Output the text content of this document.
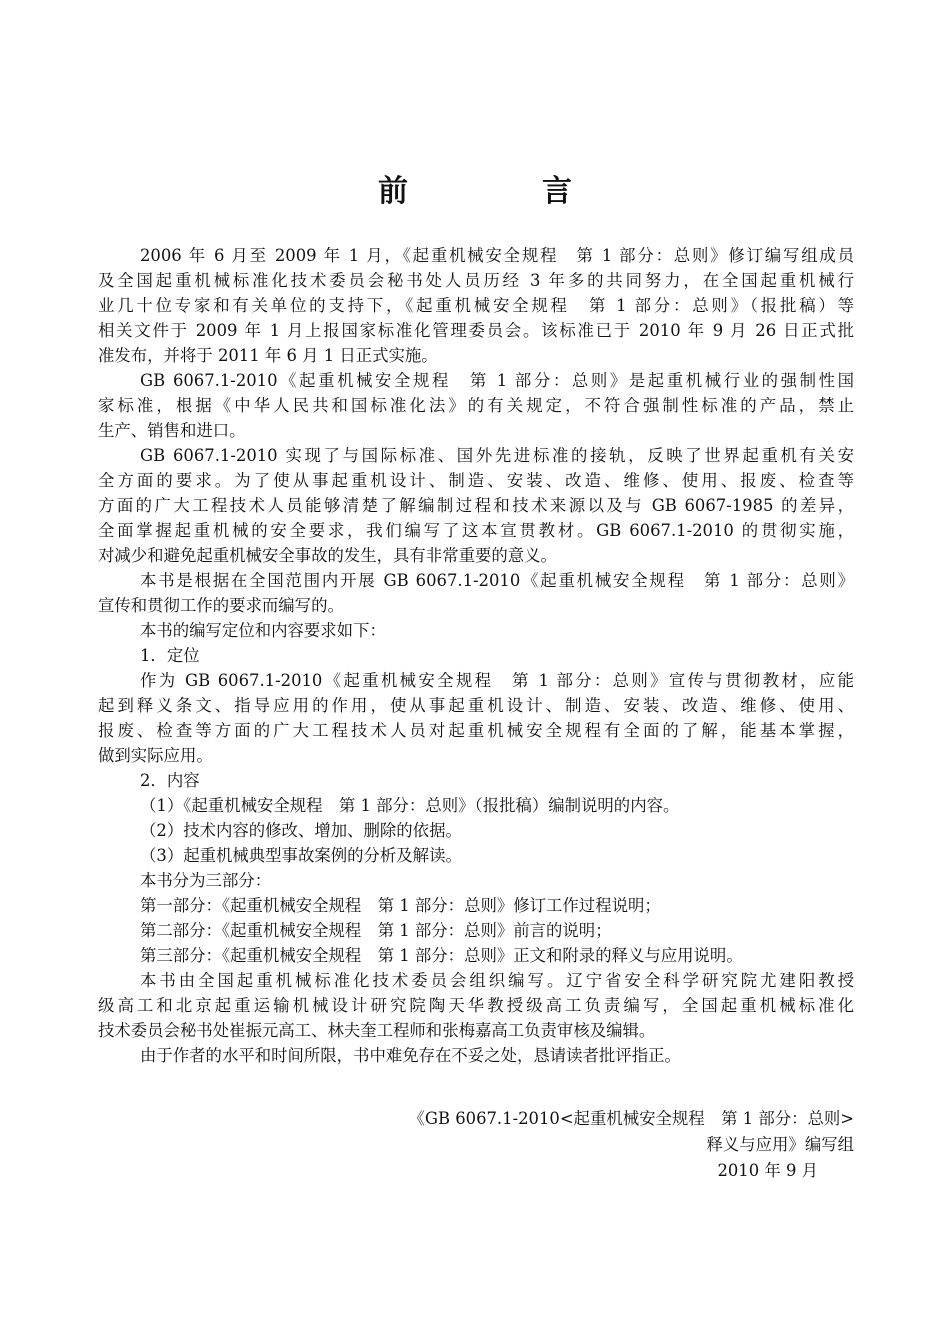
前　言
2006 年 6 月至 2009 年 1 月，《起重机械安全规程　第 1 部分：总则》修订编写组成员
及全国起重机械标准化技术委员会秘书处人员历经 3 年多的共同努力，在全国起重机械行
业几十位专家和有关单位的支持下，《起重机械安全规程　第 1 部分：总则》（报批稿）等
相关文件于 2009 年 1 月上报国家标准化管理委员会。该标准已于 2010 年 9 月 26 日正式批
准发布，并将于 2011 年 6 月 1 日正式实施。
GB 6067.1-2010《起重机械安全规程　第 1 部分：总则》是起重机械行业的强制性国
家标准，根据《中华人民共和国标准化法》的有关规定，不符合强制性标准的产品，禁止
生产、销售和进口。
GB 6067.1-2010 实现了与国际标准、国外先进标准的接轨，反映了世界起重机有关安
全方面的要求。为了使从事起重机设计、制造、安装、改造、维修、使用、报废、检查等
方面的广大工程技术人员能够清楚了解编制过程和技术来源以及与 GB 6067-1985 的差异，
全面掌握起重机械的安全要求，我们编写了这本宣贯教材。GB 6067.1-2010 的贯彻实施，
对减少和避免起重机械安全事故的发生，具有非常重要的意义。
本书是根据在全国范围内开展 GB 6067.1-2010《起重机械安全规程　第 1 部分：总则》
宣传和贯彻工作的要求而编写的。
本书的编写定位和内容要求如下：
1．定位
作为 GB 6067.1-2010《起重机械安全规程　第 1 部分：总则》宣传与贯彻教材，应能
起到释义条文、指导应用的作用，使从事起重机设计、制造、安装、改造、维修、使用、
报废、检查等方面的广大工程技术人员对起重机械安全规程有全面的了解，能基本掌握，
做到实际应用。
2．内容
（1）《起重机械安全规程　第 1 部分：总则》（报批稿）编制说明的内容。
（2）技术内容的修改、增加、删除的依据。
（3）起重机械典型事故案例的分析及解读。
本书分为三部分：
第一部分：《起重机械安全规程　第 1 部分：总则》修订工作过程说明；
第二部分：《起重机械安全规程　第 1 部分：总则》前言的说明；
第三部分：《起重机械安全规程　第 1 部分：总则》正文和附录的释义与应用说明。
本书由全国起重机械标准化技术委员会组织编写。辽宁省安全科学研究院尤建阳教授
级高工和北京起重运输机械设计研究院陶天华教授级高工负责编写，全国起重机械标准化
技术委员会秘书处崔振元高工、林夫奎工程师和张梅嘉高工负责审核及编辑。
由于作者的水平和时间所限，书中难免存在不妥之处，恳请读者批评指正。
《GB 6067.1-2010<起重机械安全规程　第 1 部分：总则>
释义与应用》编写组
2010 年 9 月
